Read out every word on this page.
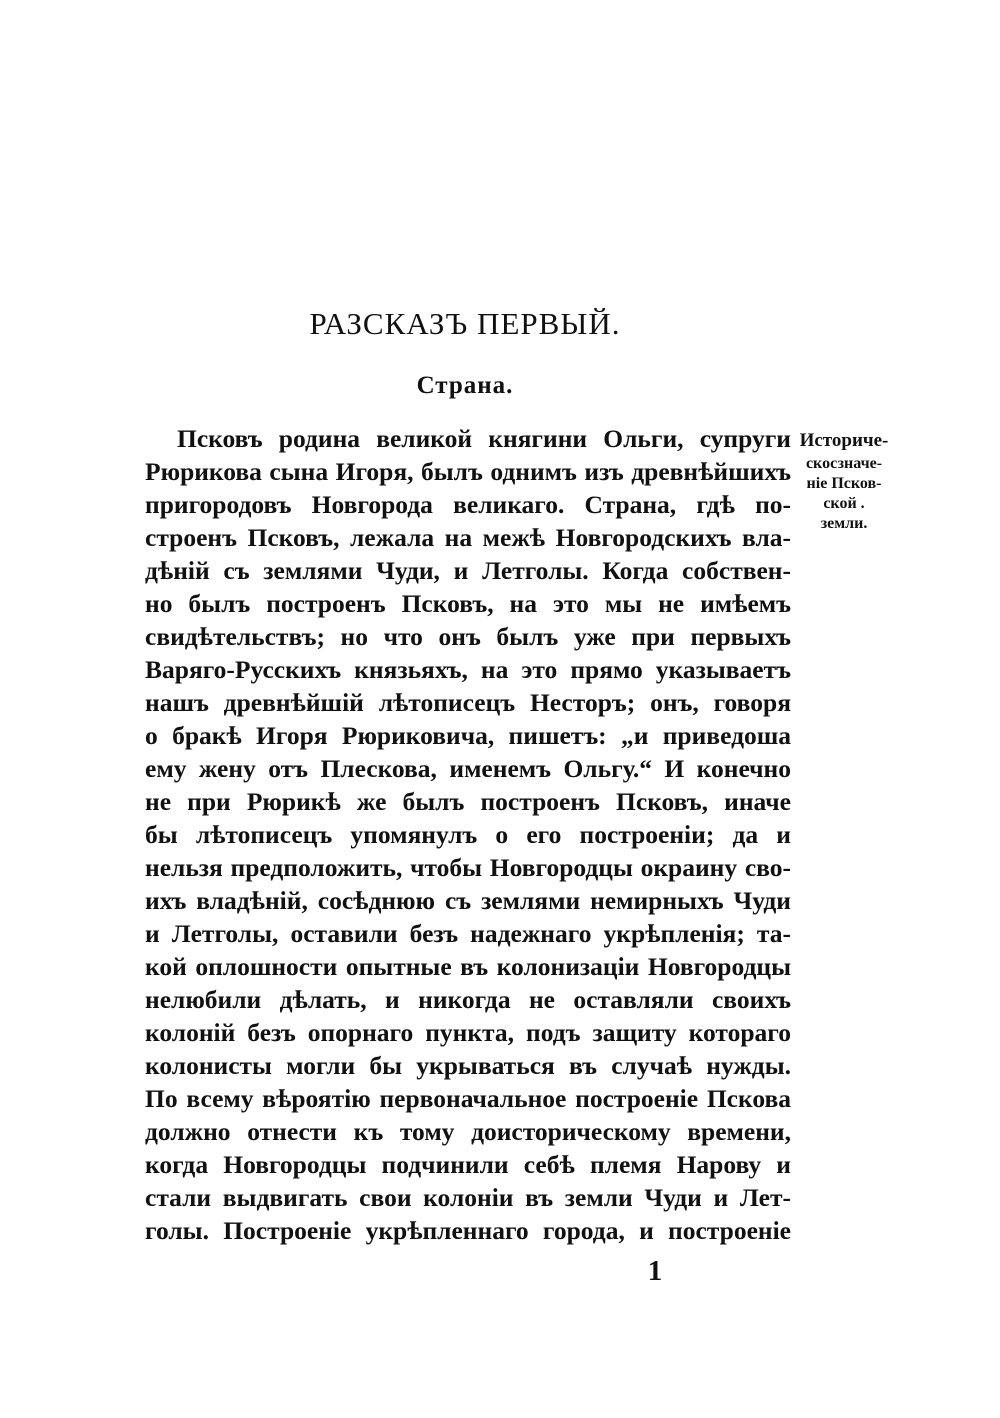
РАЗСКАЗЪ ПЕРВЫЙ.
Страна.
Историче-
скосзначе-
ніе Псков-
ской .
земли.
Псковъ родина великой княгини Ольги, супруги
Рюрикова сына Игоря, былъ однимъ изъ древнѣйшихъ
пригородовъ Новгорода великаго. Страна, гдѣ по-
строенъ Псковъ, лежала на межѣ Новгородскихъ вла-
дѣній съ землями Чуди, и Летголы. Когда собствен-
но былъ построенъ Псковъ, на это мы не имѣемъ
свидѣтельствъ; но что онъ былъ уже при первыхъ
Варяго-Русскихъ князьяхъ, на это прямо указываетъ
нашъ древнѣйшій лѣтописецъ Несторъ; онъ, говоря
о бракѣ Игоря Рюриковича, пишетъ: „и приведоша
ему жену отъ Плескова, именемъ Ольгу.“ И конечно
не при Рюрикѣ же былъ построенъ Псковъ, иначе
бы лѣтописецъ упомянулъ о его построеніи; да и
нельзя предположить, чтобы Новгородцы окраину сво-
ихъ владѣній, сосѣднюю съ землями немирныхъ Чуди
и Летголы, оставили безъ надежнаго укрѣпленія; та-
кой оплошности опытные въ колонизаціи Новгородцы
нелюбили дѣлать, и никогда не оставляли своихъ
колоній безъ опорнаго пункта, подъ защиту котораго
колонисты могли бы укрываться въ случаѣ нужды.
По всему вѣроятію первоначальное построеніе Пскова
должно отнести къ тому доисторическому времени,
когда Новгородцы подчинили себѣ племя Нарову и
стали выдвигать свои колоніи въ земли Чуди и Лет-
голы. Построеніе укрѣпленнаго города, и построеніе
1
